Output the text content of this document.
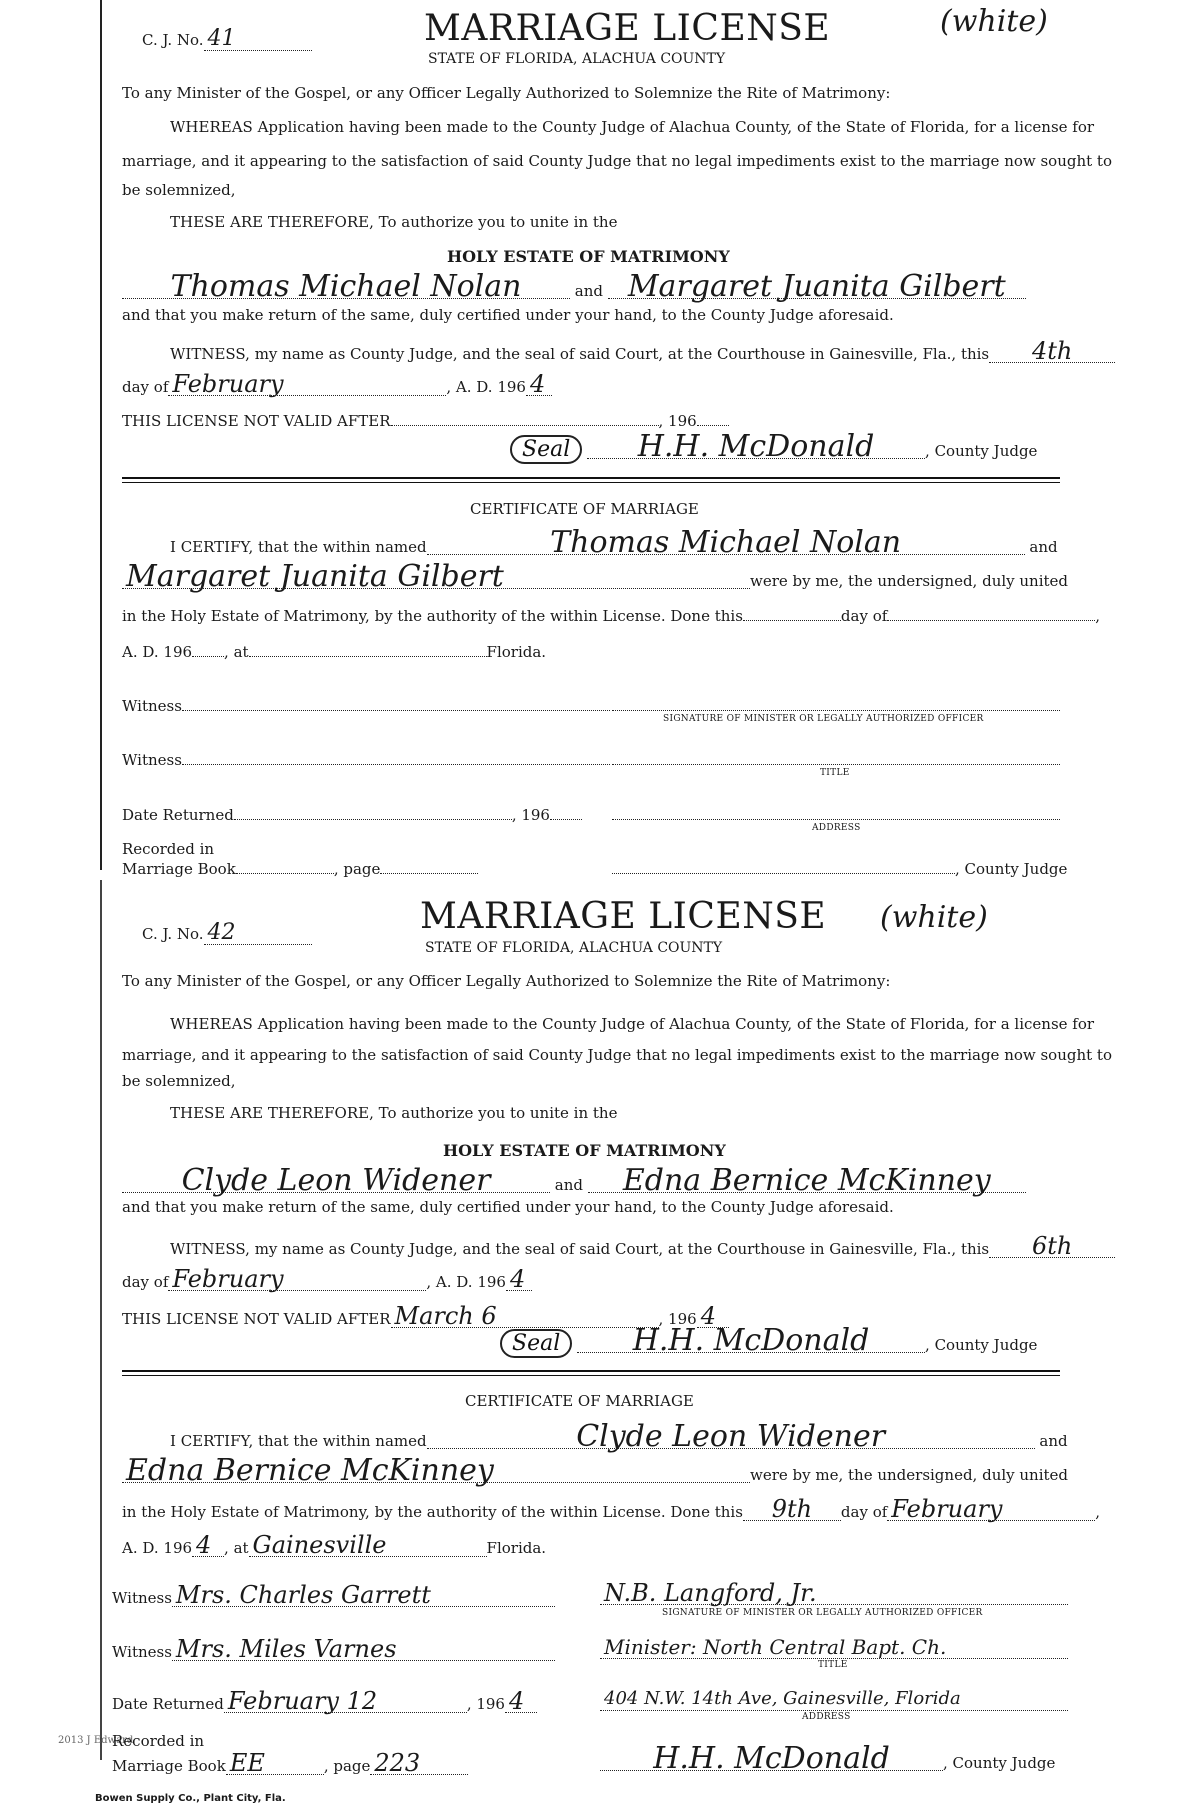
C. J. No. 41	MARRIAGE LICENSE	(white)
STATE OF FLORIDA, ALACHUA COUNTY
To any Minister of the Gospel, or any Officer Legally Authorized to Solemnize the Rite of Matrimony:
WHEREAS Application having been made to the County Judge of Alachua County, of the State of Florida, for a license for
marriage, and it appearing to the satisfaction of said County Judge that no legal impediments exist to the marriage now sought to
be solemnized,
THESE ARE THEREFORE, To authorize you to unite in the
HOLY ESTATE OF MATRIMONY
Thomas Michael Nolan	and Margaret Juanita Gilbert
and that you make return of the same, duly certified under your hand, to the County Judge aforesaid.
WITNESS, my name as County Judge, and the seal of said Court, at the Courthouse in Gainesville, Fla., this 4th
day of February	, A. D. 196 4
THIS LICENSE NOT VALID AFTER	, 196
Seal H.H. McDonald	, County Judge
CERTIFICATE OF MARRIAGE
I CERTIFY, that the within named	Thomas Michael Nolan	and
Margaret Juanita Gilbert	were by me, the undersigned, duly united
in the Holy Estate of Matrimony, by the authority of the within License. Done this	day of	,
A. D. 196 , at	Florida.
Witness
SIGNATURE OF MINISTER OR LEGALLY AUTHORIZED OFFICER
Witness
TITLE
Date Returned	, 196
ADDRESS
Recorded in
Marriage Book	, page	, County Judge
C. J. No. 42	MARRIAGE LICENSE (white)
STATE OF FLORIDA, ALACHUA COUNTY
To any Minister of the Gospel, or any Officer Legally Authorized to Solemnize the Rite of Matrimony:
WHEREAS Application having been made to the County Judge of Alachua County, of the State of Florida, for a license for
marriage, and it appearing to the satisfaction of said County Judge that no legal impediments exist to the marriage now sought to
be solemnized,
THESE ARE THEREFORE, To authorize you to unite in the
HOLY ESTATE OF MATRIMONY
Clyde Leon Widener	and Edna Bernice McKinney
and that you make return of the same, duly certified under your hand, to the County Judge aforesaid.
WITNESS, my name as County Judge, and the seal of said Court, at the Courthouse in Gainesville, Fla., this 6th
day of February	, A. D. 196 4
THIS LICENSE NOT VALID AFTER March 6	, 196 4
Seal H.H. McDonald	, County Judge
CERTIFICATE OF MARRIAGE
I CERTIFY, that the within named	Clyde Leon Widener	and
Edna Bernice McKinney	were by me, the undersigned, duly united
in the Holy Estate of Matrimony, by the authority of the within License. Done this 9th day of February	,
A. D. 196 4 , at Gainesville	Florida.
Witness Mrs. Charles Garrett	N.B. Langford, Jr.
SIGNATURE OF MINISTER OR LEGALLY AUTHORIZED OFFICER
Witness Mrs. Miles Varnes	Minister: North Central Bapt. Ch.
TITLE
Date Returned February 12	, 196 4	404 N.W. 14th Ave, Gainesville, Florida
ADDRESS
2013 J Edward
Recorded in
Marriage Book EE	, page 223	H.H. McDonald	, County Judge
Bowen Supply Co., Plant City, Fla.
